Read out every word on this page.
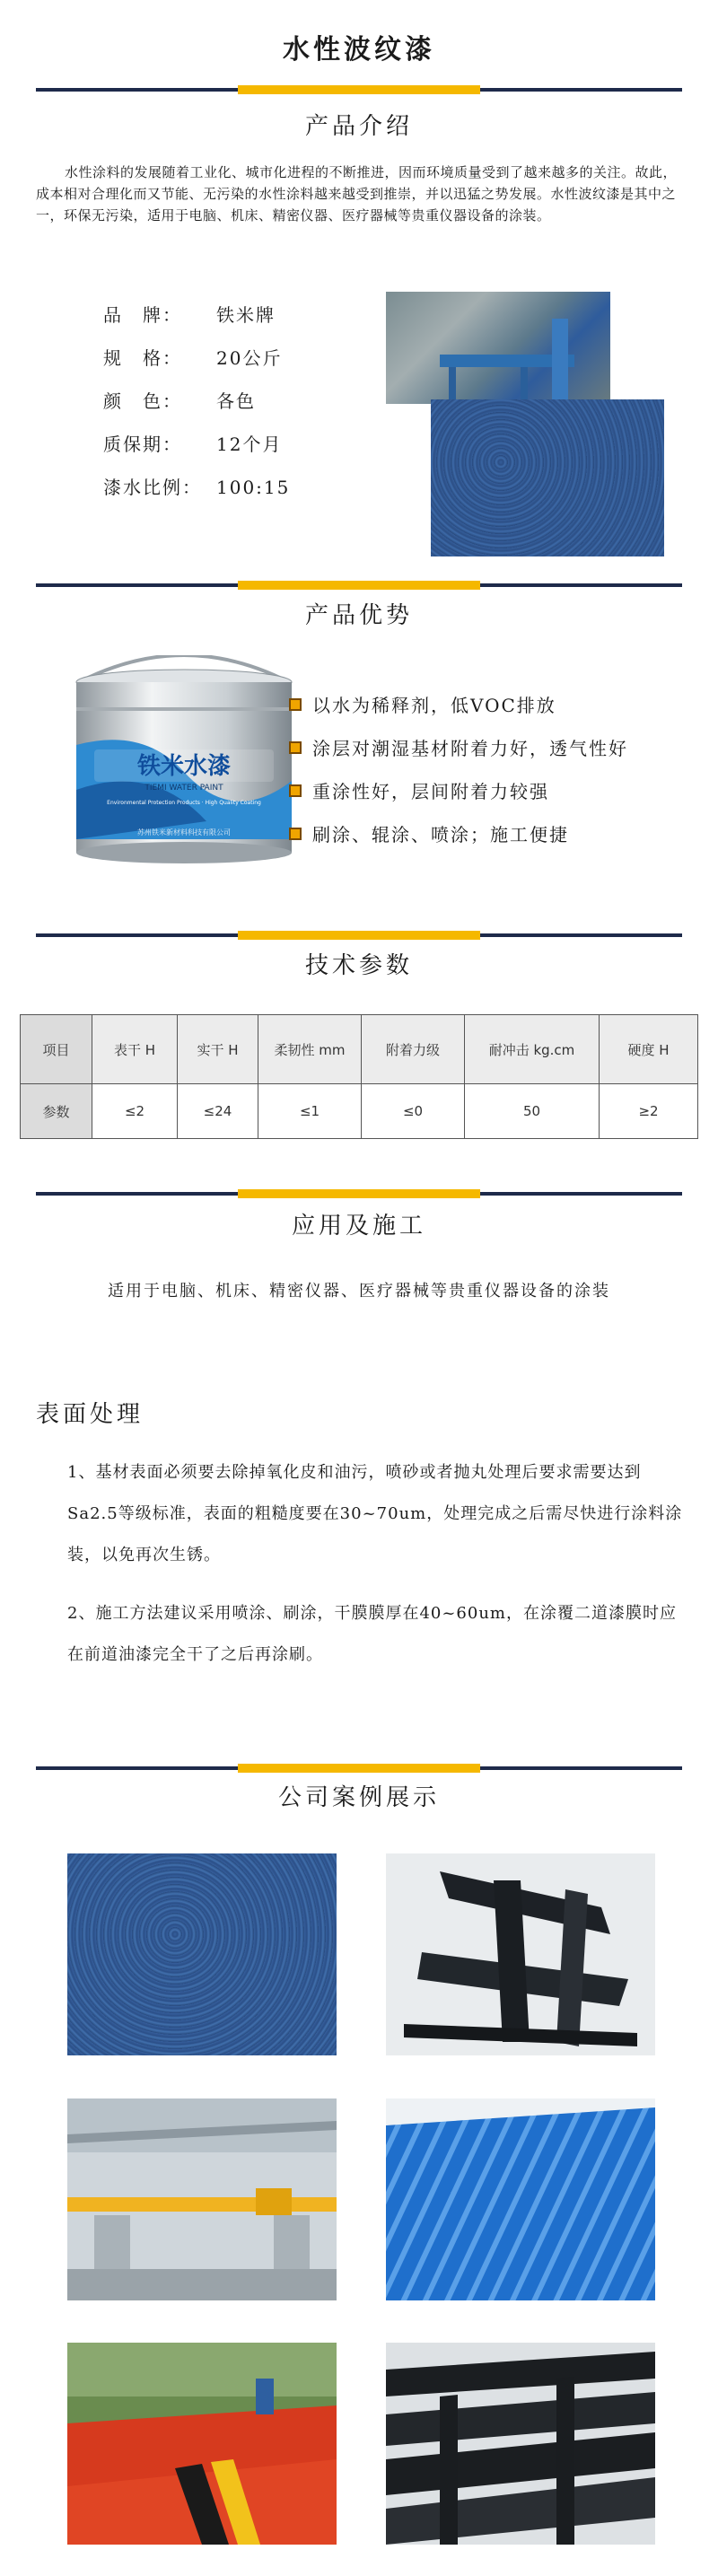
水性波纹漆
产品介绍
水性涂料的发展随着工业化、城市化进程的不断推进，因而环境质量受到了越来越多的关注。故此，成本相对合理化而又节能、无污染的水性涂料越来越受到推崇，并以迅猛之势发展。水性波纹漆是其中之一，环保无污染，适用于电脑、机床、精密仪器、医疗器械等贵重仪器设备的涂装。
品　牌： 铁米牌
规　格： 20公斤
颜　色： 各色
质保期： 12个月
漆水比例： 100:15
产品优势
铁米水漆
TIEMI WATER PAINT
Environmental Protection Products · High Quality Coating
苏州铁米新材料科技有限公司
以水为稀释剂，低VOC排放
涂层对潮湿基材附着力好，透气性好
重涂性好，层间附着力较强
刷涂、辊涂、喷涂；施工便捷
技术参数
项目	表干 H	实干 H	柔韧性 mm	附着力级	耐冲击 kg.cm	硬度 H
参数	≤2	≤24	≤1	≤0	50	≥2
应用及施工
适用于电脑、机床、精密仪器、医疗器械等贵重仪器设备的涂装
表面处理
1、基材表面必须要去除掉氧化皮和油污，喷砂或者抛丸处理后要求需要达到Sa2.5等级标准，表面的粗糙度要在30~70um，处理完成之后需尽快进行涂料涂装，以免再次生锈。
2、施工方法建议采用喷涂、刷涂，干膜膜厚在40~60um，在涂覆二道漆膜时应在前道油漆完全干了之后再涂刷。
公司案例展示
